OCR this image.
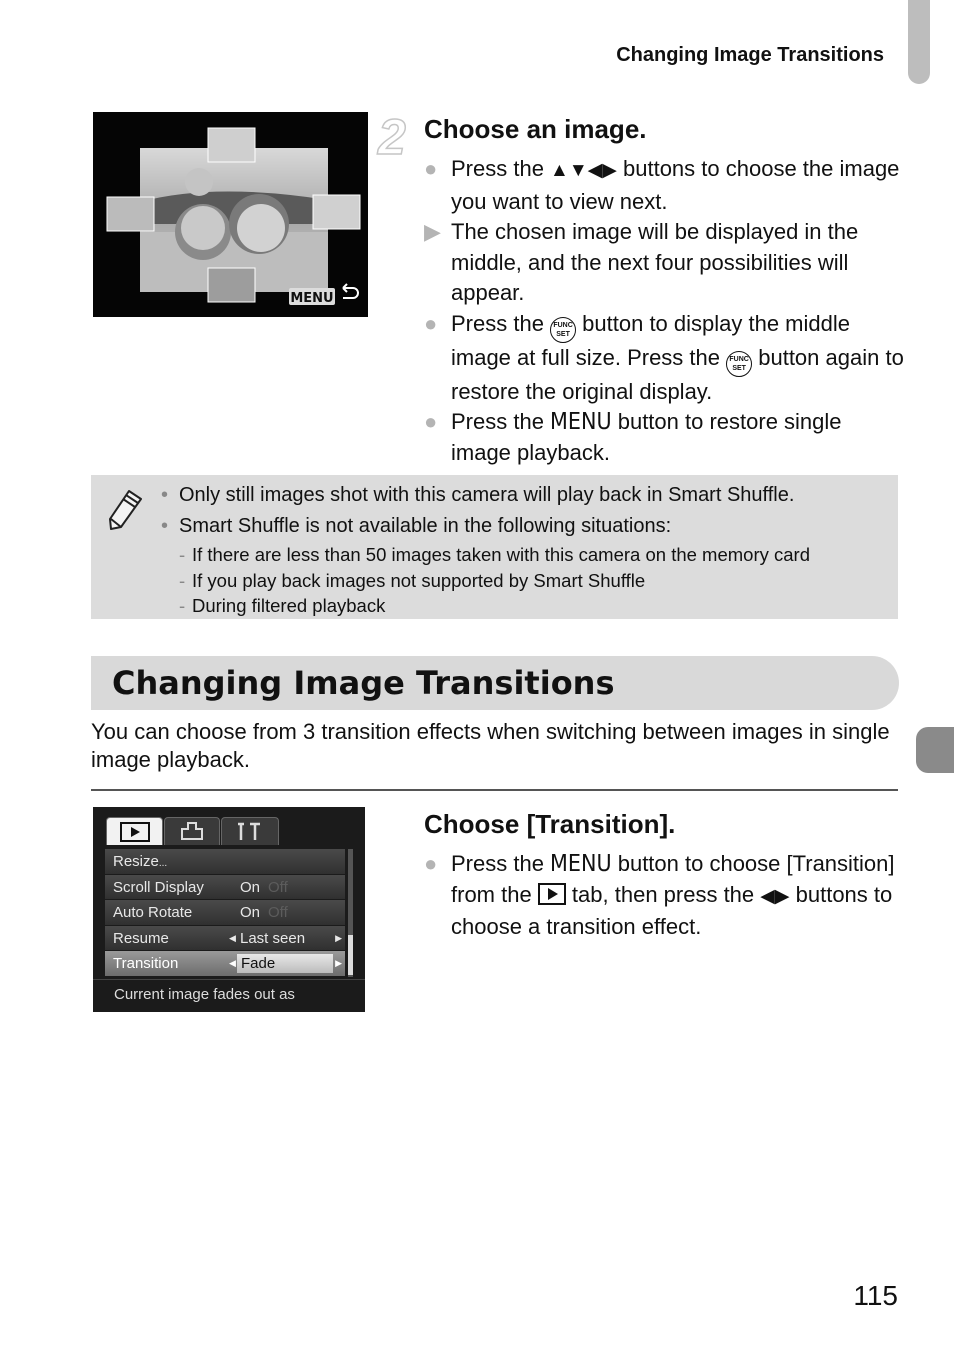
Changing Image Transitions
MENU
2 Choose an image.
● Press the ▲▼◀▶ buttons to choose the image you want to view next.
▶ The chosen image will be displayed in the middle, and the next four possibilities will appear.
● Press the FUNC
SET button to display the middle image at full size. Press the FUNC
SET button again to restore the original display.
● Press the MENU button to restore single image playback.
• Only still images shot with this camera will play back in Smart Shuffle.
• Smart Shuffle is not available in the following situations:
- If there are less than 50 images taken with this camera on the memory card
- If you play back images not supported by Smart Shuffle
- During filtered playback
Changing Image Transitions
You can choose from 3 transition effects when switching between images in single image playback.
Resize...
Scroll Display On Off
Auto Rotate	On Off
Resume	◀ Last seen	▶
Transition	◀ Fade	▶
Current image fades out as
Choose [Transition].
● Press the MENU button to choose [Transition] from the  tab, then press the ◀▶ buttons to choose a transition effect.
115
